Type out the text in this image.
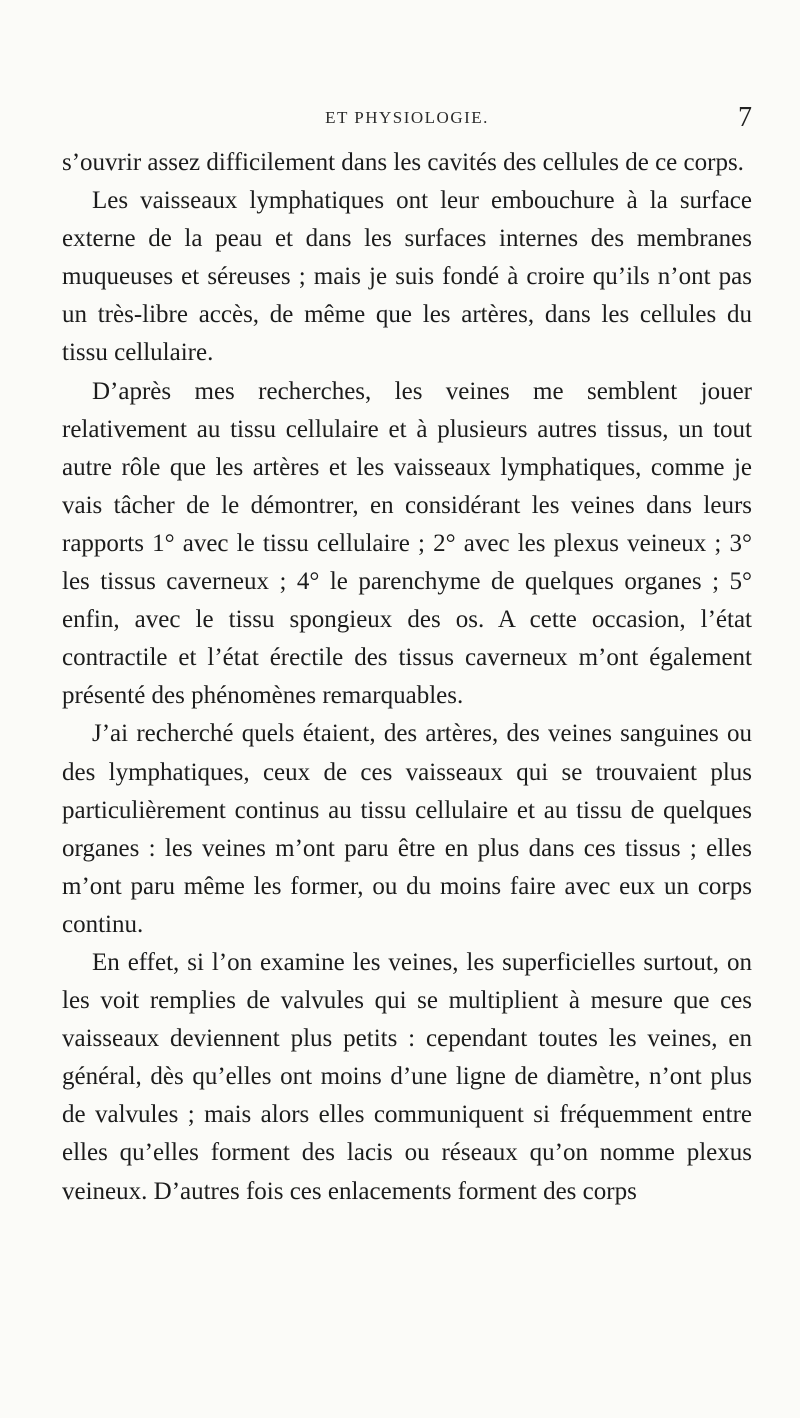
ET PHYSIOLOGIE.	7

s’ouvrir assez difficilement dans les cavités des cellules de ce corps.

Les vaisseaux lymphatiques ont leur embouchure à la surface externe de la peau et dans les surfaces internes des membranes muqueuses et séreuses ; mais je suis fondé à croire qu’ils n’ont pas un très-libre accès, de même que les artères, dans les cellules du tissu cellulaire.

D’après mes recherches, les veines me semblent jouer relativement au tissu cellulaire et à plusieurs autres tissus, un tout autre rôle que les artères et les vaisseaux lymphatiques, comme je vais tâcher de le démontrer, en considérant les veines dans leurs rapports 1° avec le tissu cellulaire ; 2° avec les plexus veineux ; 3° les tissus caverneux ; 4° le parenchyme de quelques organes ; 5° enfin, avec le tissu spongieux des os. A cette occasion, l’état contractile et l’état érectile des tissus caverneux m’ont également présenté des phénomènes remarquables.

J’ai recherché quels étaient, des artères, des veines sanguines ou des lymphatiques, ceux de ces vaisseaux qui se trouvaient plus particulièrement continus au tissu cellulaire et au tissu de quelques organes : les veines m’ont paru être en plus dans ces tissus ; elles m’ont paru même les former, ou du moins faire avec eux un corps continu.

En effet, si l’on examine les veines, les superficielles surtout, on les voit remplies de valvules qui se multiplient à mesure que ces vaisseaux deviennent plus petits : cependant toutes les veines, en général, dès qu’elles ont moins d’une ligne de diamètre, n’ont plus de valvules ; mais alors elles communiquent si fréquemment entre elles qu’elles forment des lacis ou réseaux qu’on nomme plexus veineux. D’autres fois ces enlacements forment des corps
